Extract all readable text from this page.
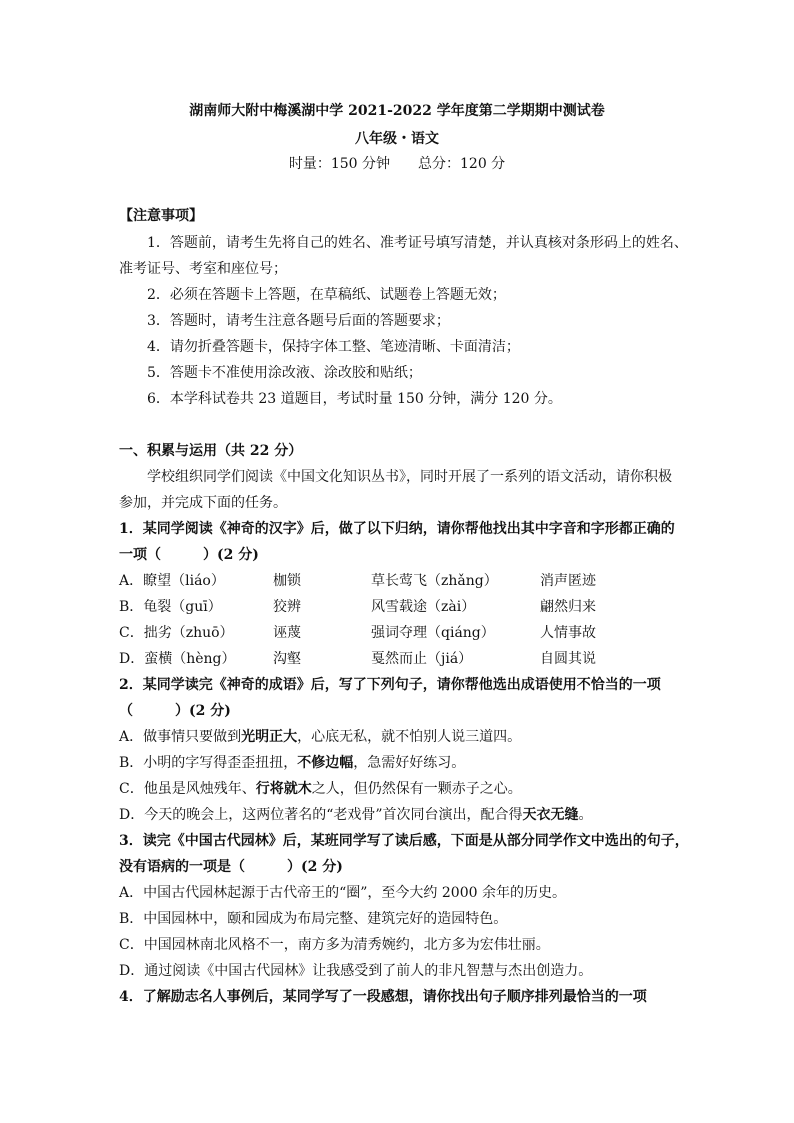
湖南师大附中梅溪湖中学 2021-2022 学年度第二学期期中测试卷
八年级・语文
时量：150 分钟　　总分：120 分
【注意事项】
1．答题前，请考生先将自己的姓名、准考证号填写清楚，并认真核对条形码上的姓名、
准考证号、考室和座位号；
2．必须在答题卡上答题，在草稿纸、试题卷上答题无效；
3．答题时，请考生注意各题号后面的答题要求；
4．请勿折叠答题卡，保持字体工整、笔迹清晰、卡面清洁；
5．答题卡不准使用涂改液、涂改胶和贴纸；
6．本学科试卷共 23 道题目，考试时量 150 分钟，满分 120 分。
一、积累与运用（共 22 分）
学校组织同学们阅读《中国文化知识丛书》，同时开展了一系列的语文活动，请你积极
参加，并完成下面的任务。
1．某同学阅读《神奇的汉字》后，做了以下归纳，请你帮他找出其中字音和字形都正确的
一项（　　　）(2 分)
A．瞭望（liáo）	枷锁	草长莺飞（zhǎng）	消声匿迹
B．龟裂（guī）	狡辨	风雪载途（zài）	翩然归来
C．拙劣（zhuō）	诬蔑	强词夺理（qiáng）	人情事故
D．蛮横（hèng）	沟壑	戛然而止（jiá）	自圆其说
2．某同学读完《神奇的成语》后，写了下列句子，请你帮他选出成语使用不恰当的一项
（　　　）(2 分)
A．做事情只要做到光明正大，心底无私，就不怕别人说三道四。
B．小明的字写得歪歪扭扭，不修边幅，急需好好练习。
C．他虽是风烛残年、行将就木之人，但仍然保有一颗赤子之心。
D．今天的晚会上，这两位著名的“老戏骨”首次同台演出，配合得天衣无缝。
3．读完《中国古代园林》后，某班同学写了读后感，下面是从部分同学作文中选出的句子，
没有语病的一项是（　　　）(2 分)
A．中国古代园林起源于古代帝王的“圈”，至今大约 2000 余年的历史。
B．中国园林中，颐和园成为布局完整、建筑完好的造园特色。
C．中国园林南北风格不一，南方多为清秀婉约，北方多为宏伟壮丽。
D．通过阅读《中国古代园林》让我感受到了前人的非凡智慧与杰出创造力。
4．了解励志名人事例后，某同学写了一段感想，请你找出句子顺序排列最恰当的一项
